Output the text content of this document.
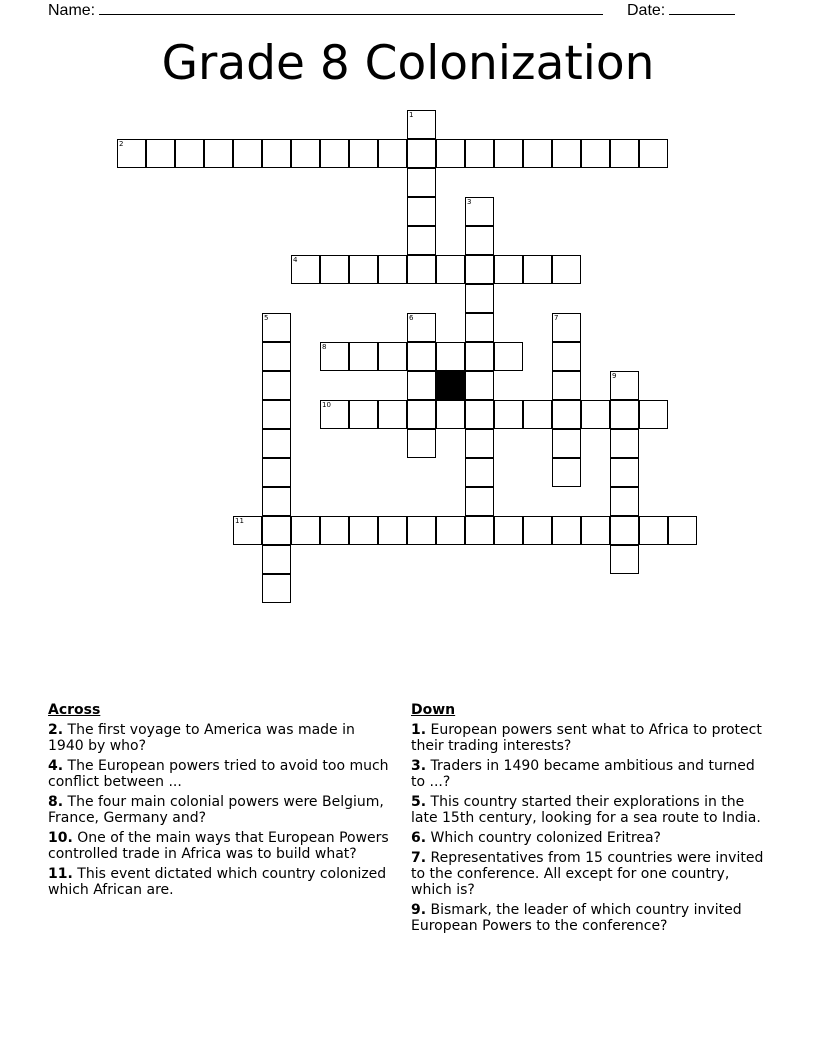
Name:	Date:
Grade 8 Colonization
2
4
8
10
11
1
3
5	6	7
9
Across
2. The first voyage to America was made in 1940 by who?
4. The European powers tried to avoid too much conflict between ...
8. The four main colonial powers were Belgium, France, Germany and?
10. One of the main ways that European Powers controlled trade in Africa was to build what?
11. This event dictated which country colonized which African are.
Down
1. European powers sent what to Africa to protect their trading interests?
3. Traders in 1490 became ambitious and turned to ...?
5. This country started their explorations in the late 15th century, looking for a sea route to India.
6. Which country colonized Eritrea?
7. Representatives from 15 countries were invited to the conference. All except for one country, which is?
9. Bismark, the leader of which country invited European Powers to the conference?
